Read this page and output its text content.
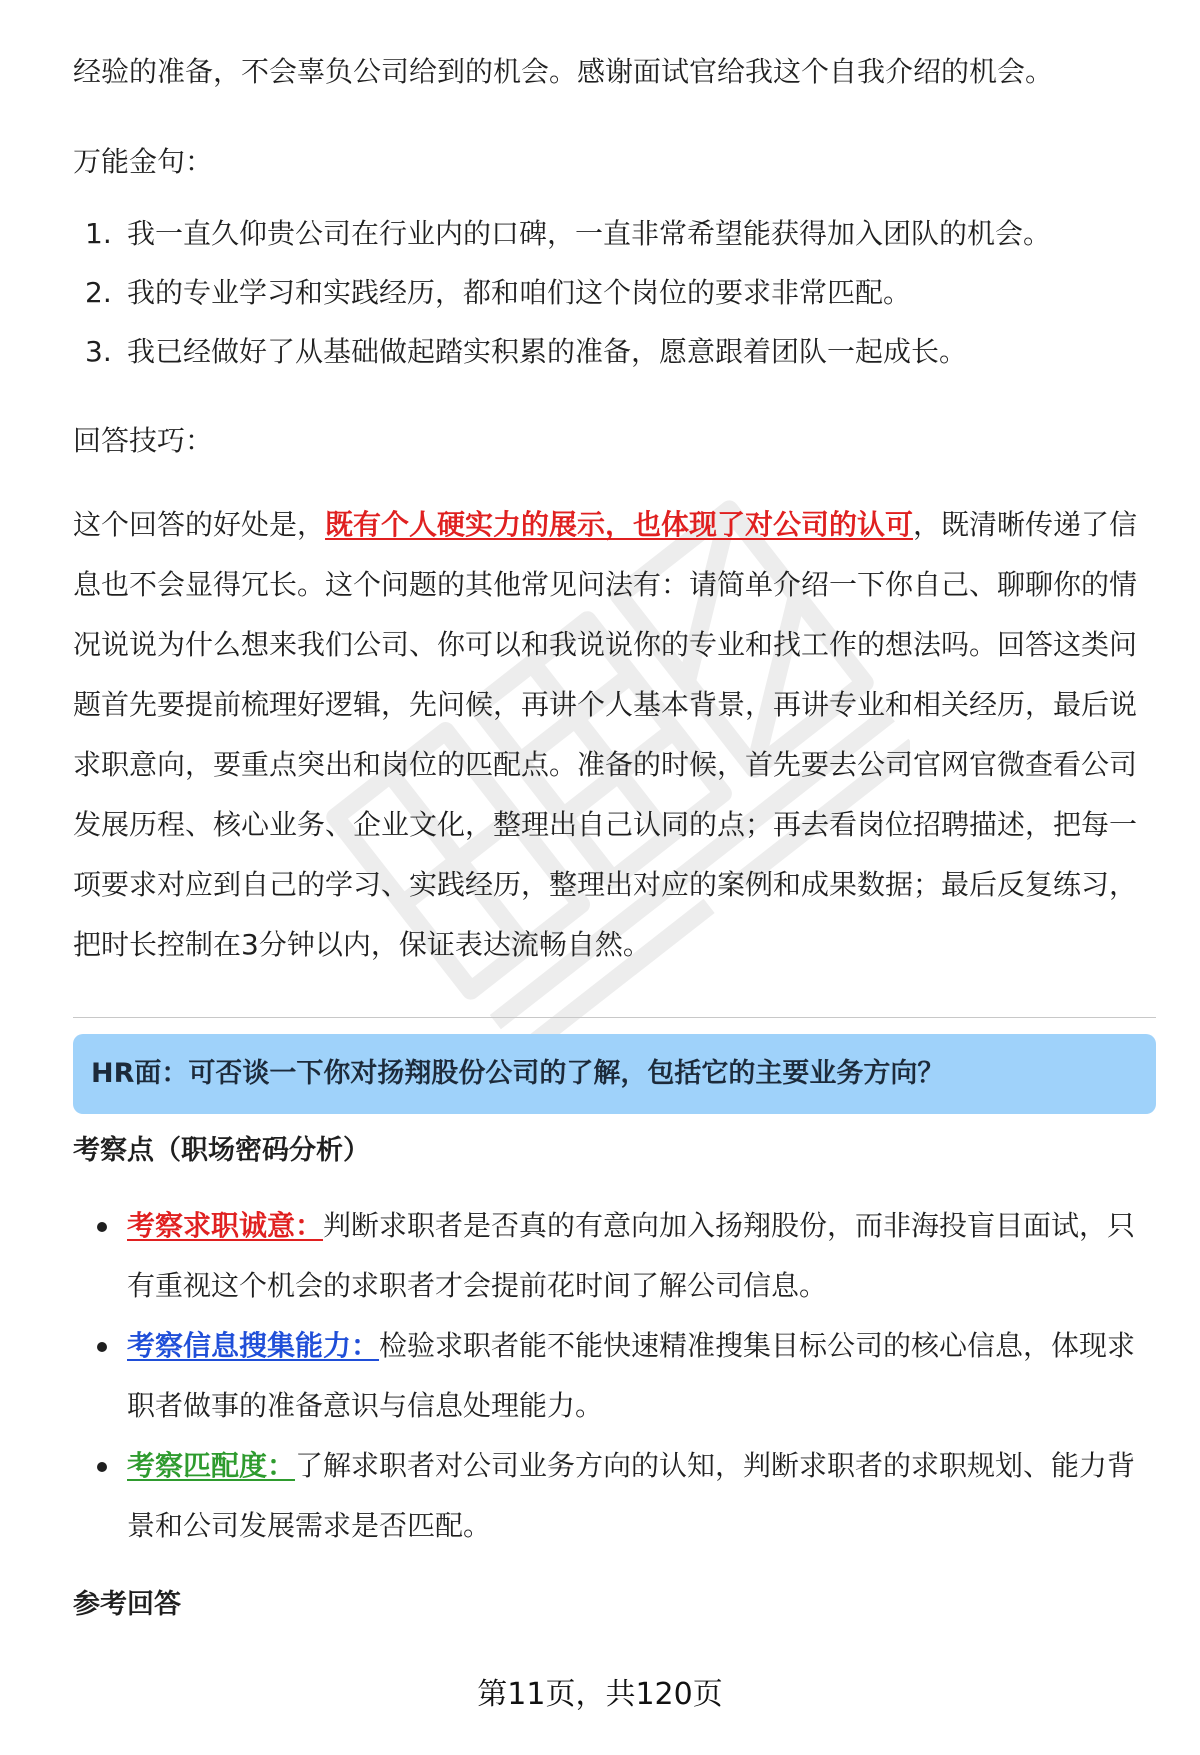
经验的准备，不会辜负公司给到的机会。感谢面试官给我这个自我介绍的机会。

万能金句：

1. 我一直久仰贵公司在行业内的口碑，一直非常希望能获得加入团队的机会。
2. 我的专业学习和实践经历，都和咱们这个岗位的要求非常匹配。
3. 我已经做好了从基础做起踏实积累的准备，愿意跟着团队一起成长。

回答技巧：

这个回答的好处是，既有个人硬实力的展示，也体现了对公司的认可，既清晰传递了信息也不会显得冗长。这个问题的其他常见问法有：请简单介绍一下你自己、聊聊你的情况说说为什么想来我们公司、你可以和我说说你的专业和找工作的想法吗。回答这类问题首先要提前梳理好逻辑，先问候，再讲个人基本背景，再讲专业和相关经历，最后说求职意向，要重点突出和岗位的匹配点。准备的时候，首先要去公司官网官微查看公司发展历程、核心业务、企业文化，整理出自己认同的点；再去看岗位招聘描述，把每一项要求对应到自己的学习、实践经历，整理出对应的案例和成果数据；最后反复练习，把时长控制在3分钟以内，保证表达流畅自然。

HR面：可否谈一下你对扬翔股份公司的了解，包括它的主要业务方向？

考察点（职场密码分析）

考察求职诚意：判断求职者是否真的有意向加入扬翔股份，而非海投盲目面试，只有重视这个机会的求职者才会提前花时间了解公司信息。
考察信息搜集能力：检验求职者能不能快速精准搜集目标公司的核心信息，体现求职者做事的准备意识与信息处理能力。
考察匹配度：了解求职者对公司业务方向的认知，判断求职者的求职规划、能力背景和公司发展需求是否匹配。

参考回答

第11页，共120页
